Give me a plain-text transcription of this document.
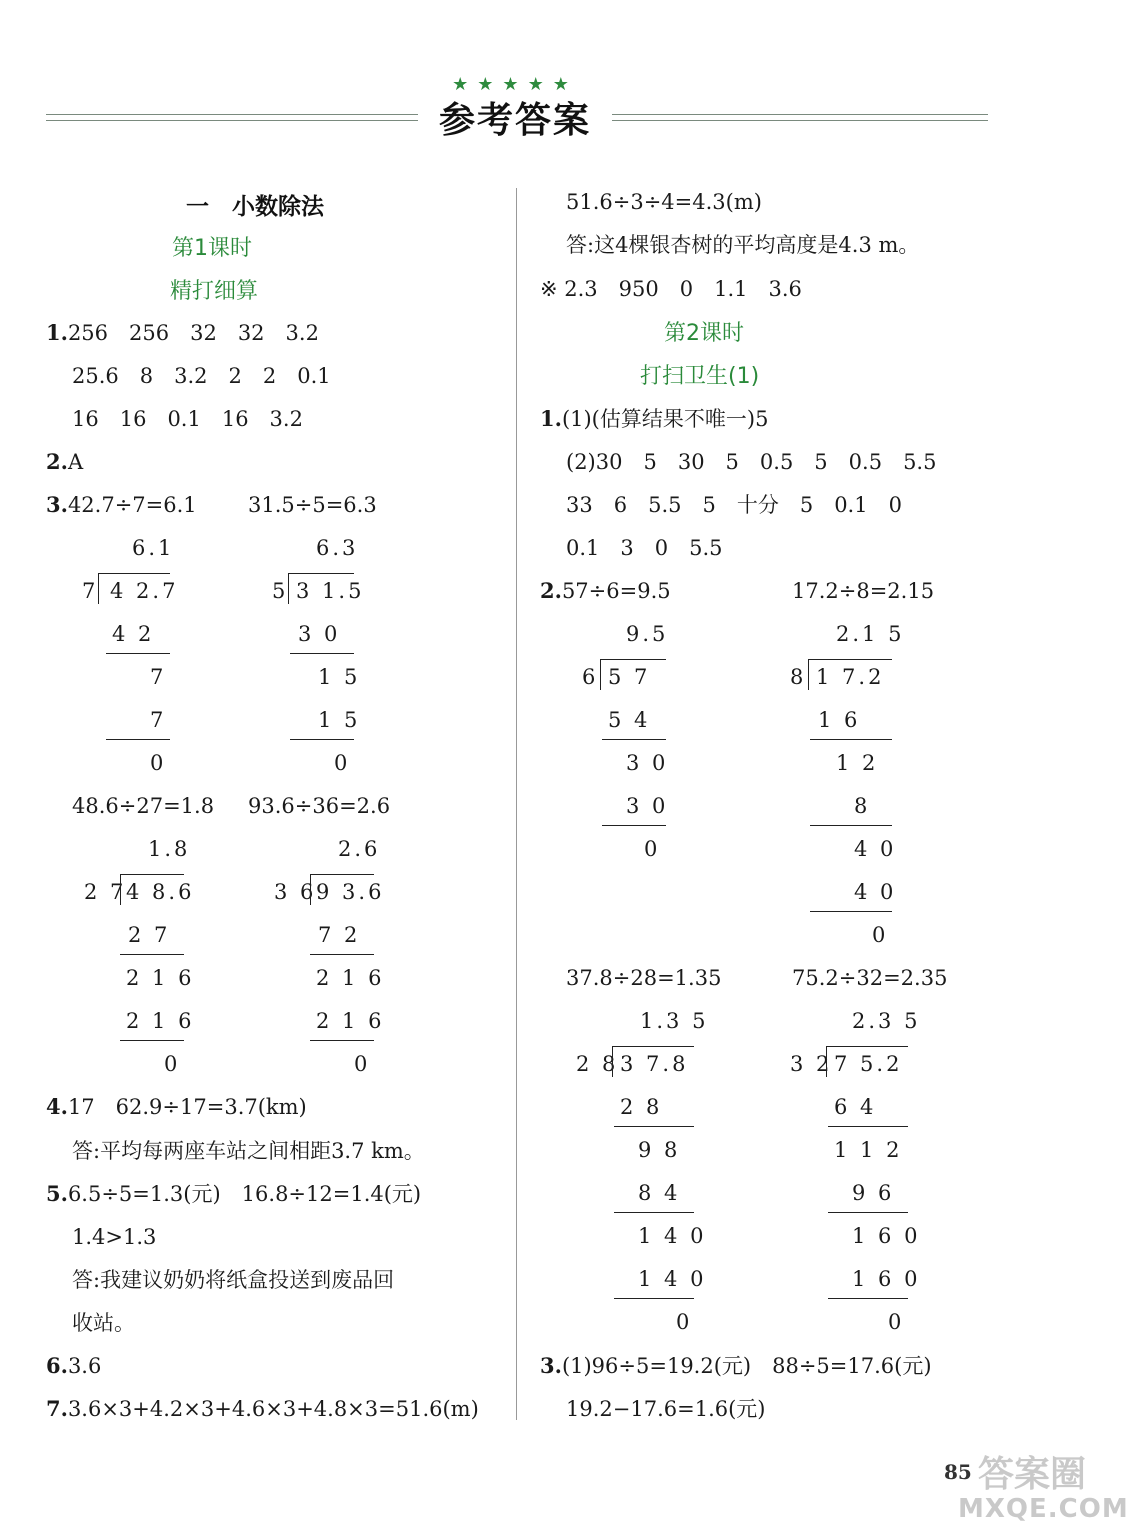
★★★★★
参考答案
一　小数除法
第1课时
精打细算
1.256　256　32　32　3.2
25.6　8　3.2　2　2　0.1
16　16　0.1　16　3.2
2.A
3.42.7÷7=6.1 31.5÷5=6.3
6.1
7 4 2.7
4 2
7
7
0
6.3
5 3 1.5
3 0
1 5
1 5
0
48.6÷27=1.8 93.6÷36=2.6
1.8
2 7 4 8.6
2 7
2 1 6
2 1 6
0
2.6
3 6 9 3.6
7 2
2 1 6
2 1 6
0
4.17　62.9÷17=3.7(km)
答:平均每两座车站之间相距3.7 km。
5.6.5÷5=1.3(元)　16.8÷12=1.4(元)
1.4>1.3
答:我建议奶奶将纸盒投送到废品回
收站。
6.3.6
7.3.6×3+4.2×3+4.6×3+4.8×3=51.6(m)
51.6÷3÷4=4.3(m)
答:这4棵银杏树的平均高度是4.3 m。
※ 2.3　950　0　1.1　3.6
第2课时
打扫卫生(1)
1.(1)(估算结果不唯一)5
(2)30　5　30　5　0.5　5　0.5　5.5
33　6　5.5　5　十分　5　0.1　0
0.1　3　0　5.5
2.57÷6=9.5	17.2÷8=2.15
9.5
6 5 7
5 4
3 0
3 0
0
2.1 5
8 1 7.2
1 6
1 2
8
4 0
4 0
0
37.8÷28=1.35	75.2÷32=2.35
1.3 5
2 8 3 7.8
2 8
9 8
8 4
1 4 0
1 4 0
0
2.3 5
3 2 7 5.2
6 4
1 1 2
9 6
1 6 0
1 6 0
0
3.(1)96÷5=19.2(元)　88÷5=17.6(元)
19.2−17.6=1.6(元)
85 答案圈
MXQE.COM
